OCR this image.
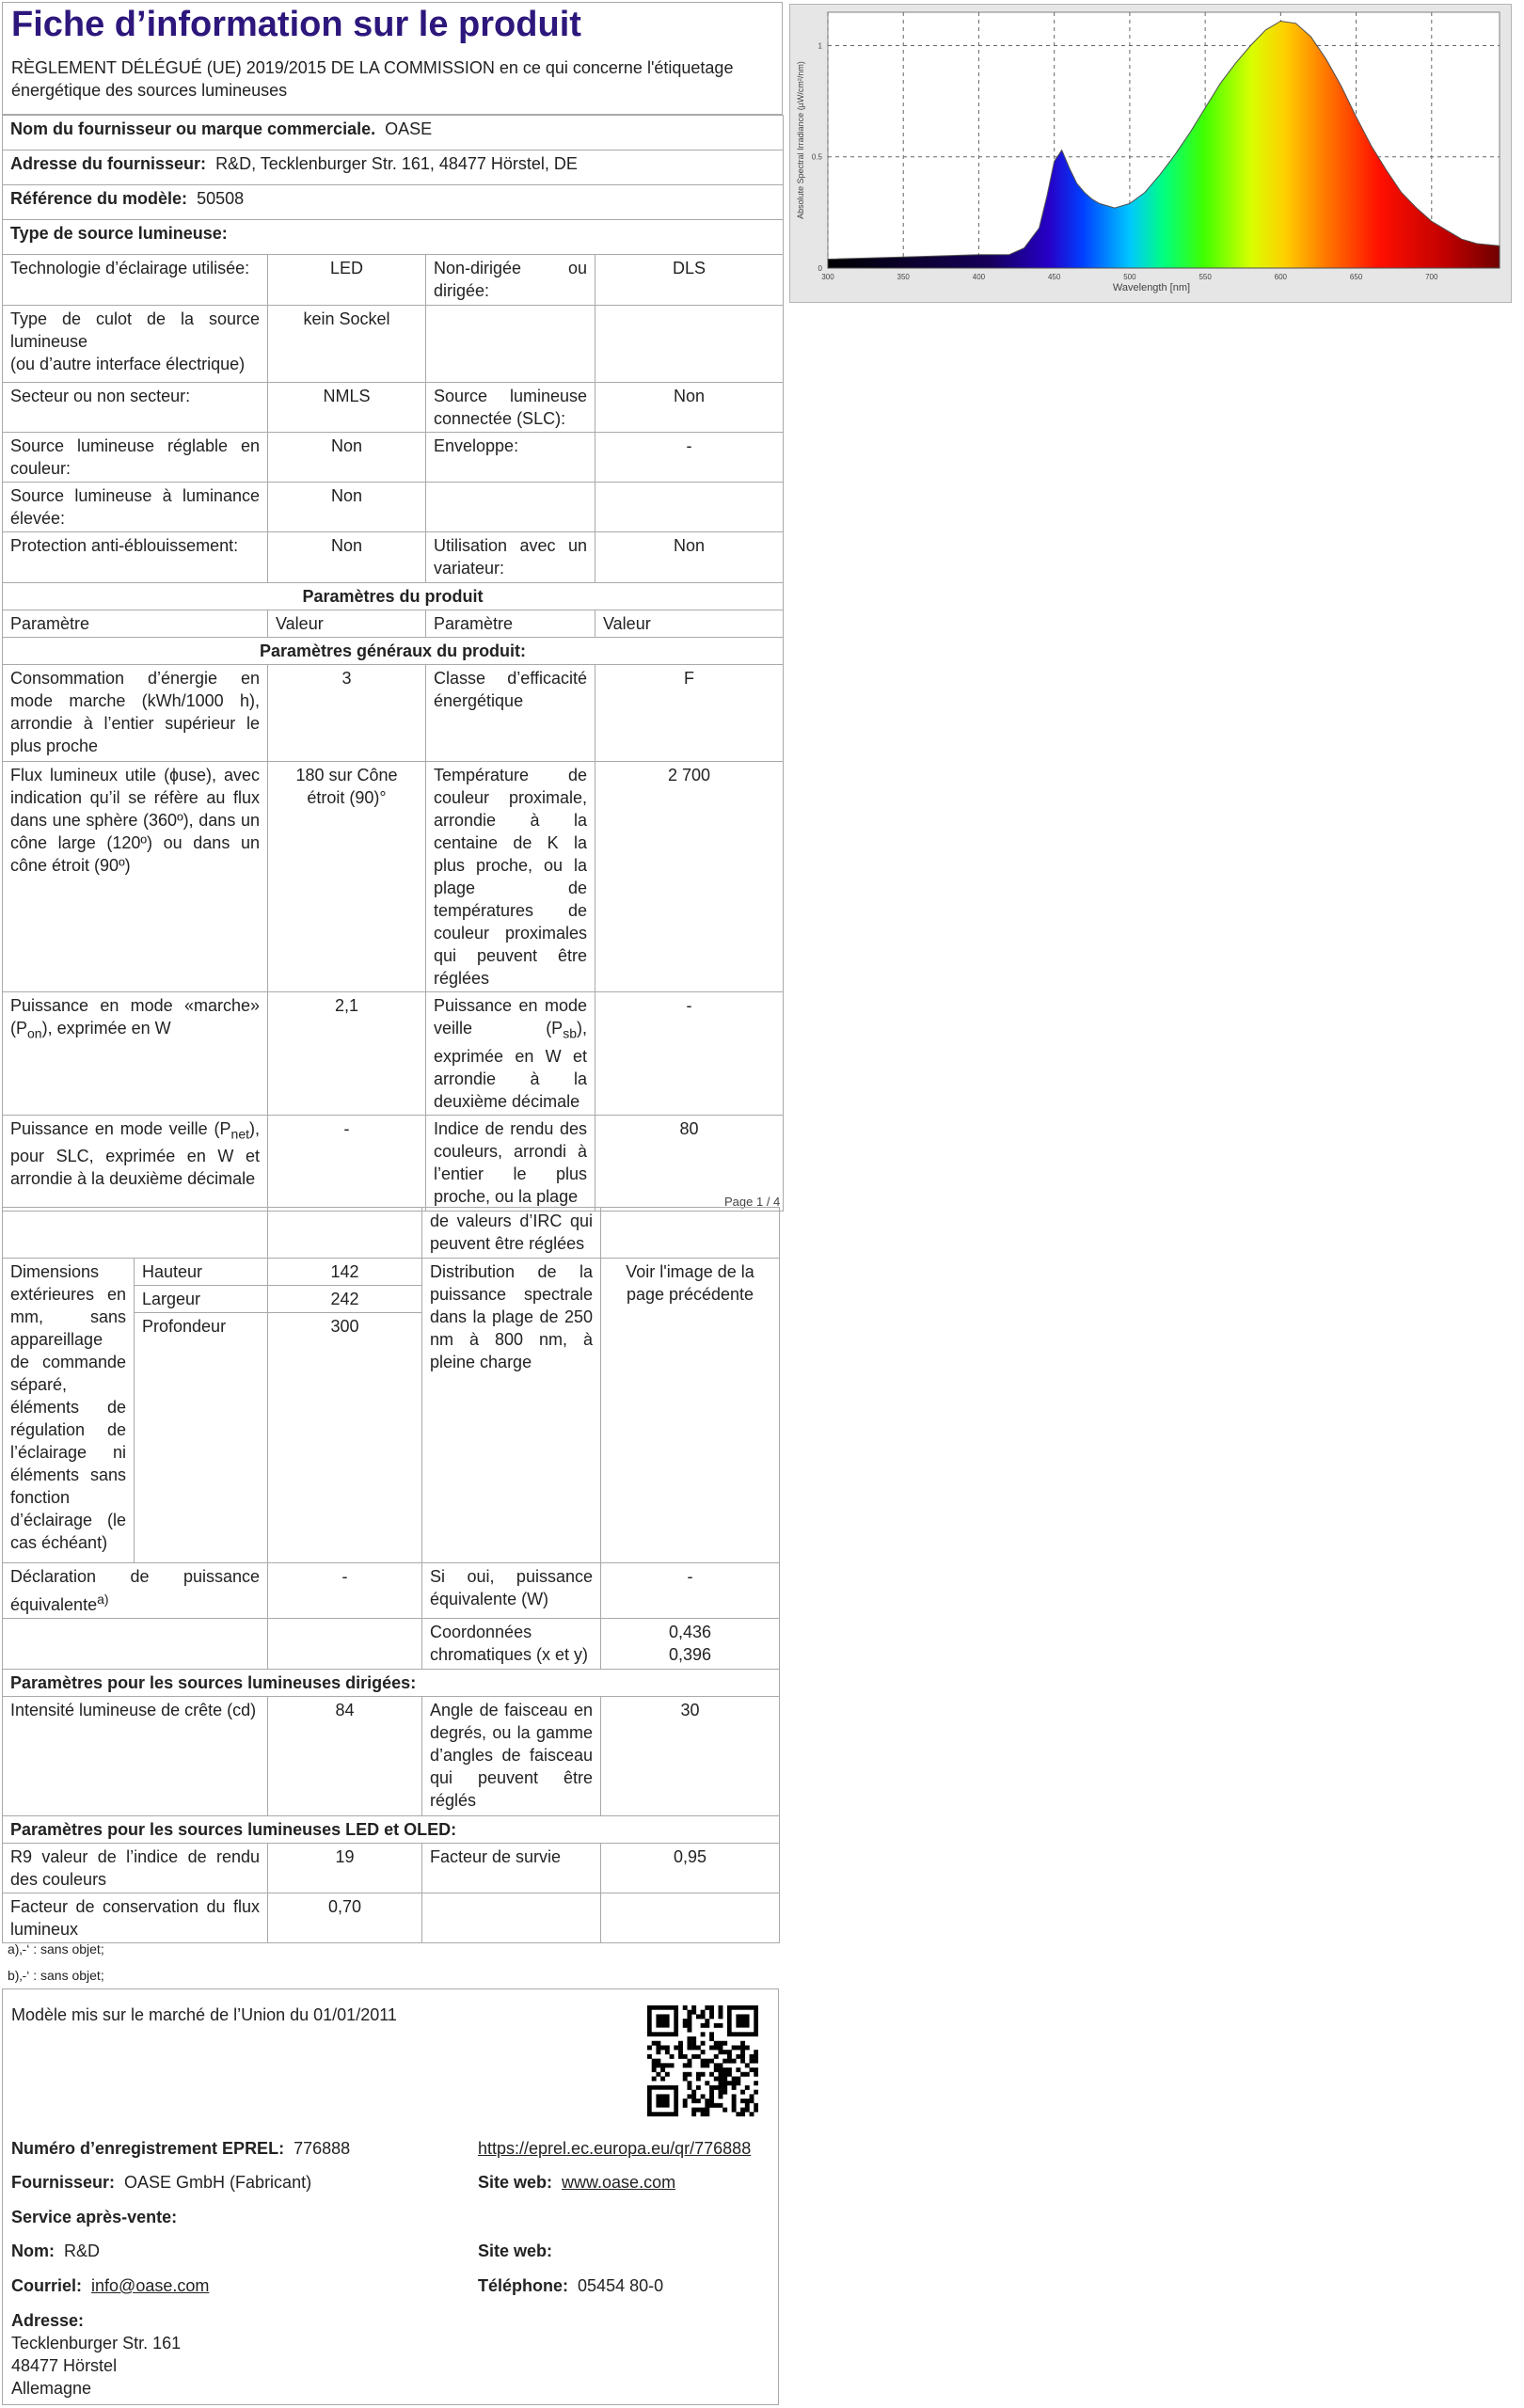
Fiche d’information sur le produit
RÈGLEMENT DÉLÉGUÉ (UE) 2019/2015 DE LA COMMISSION en ce qui concerne l'étiquetage énergétique des sources lumineuses
300	350	400	450	500	550	600	650	700
0
0.5
1
Wavelength [nm]
Absolute Spectral Irradiance (µW/cm²/nm)
Nom du fournisseur ou marque commerciale. OASE			
Adresse du fournisseur: R&D, Tecklenburger Str. 161, 48477 Hörstel, DE			
Référence du modèle: 50508			
Type de source lumineuse:			
Technologie d’éclairage utilisée:	LED	Non-dirigée ou dirigée:	DLS
Type de culot de la source lumineuse
(ou d’autre interface électrique)	kein Sockel		
Secteur ou non secteur:	NMLS	Source lumineuse connectée (SLC):	Non
Source lumineuse réglable en couleur:	Non	Enveloppe:	-
Source lumineuse à luminance élevée:	Non		
Protection anti-éblouissement:	Non	Utilisation avec un variateur:	Non
Paramètres du produit			
Paramètre	Valeur	Paramètre	Valeur
Paramètres généraux du produit:			
Consommation d’énergie en mode marche (kWh/1000 h), arrondie à l’entier supérieur le plus proche	3	Classe d’efficacité énergétique	F
Flux lumineux utile (ɸuse), avec indication qu’il se réfère au flux dans une sphère (360º), dans un cône large (120º) ou dans un cône étroit (90º)	180 sur Cône étroit (90)°	Température de couleur proximale, arrondie à la centaine de K la plus proche, ou la plage de températures de couleur proximales qui peuvent être réglées	2 700
Puissance en mode «marche» $(P_{on})$, exprimée en W	2,1	Puissance en mode veille $(P_{sb})$, exprimée en W et arrondie à la deuxième décimale	-
Puissance en mode veille $(P_{net})$, pour SLC, exprimée en W et arrondie à la deuxième décimale	-	Indice de rendu des couleurs, arrondi à l’entier le plus proche, ou la plage	80
Page 1 / 4
			de valeurs d’IRC qui peuvent être réglées	
Dimensions extérieures en mm, sans appareillage de commande séparé, éléments de régulation de l’éclairage ni éléments sans fonction d’éclairage (le cas échéant)	Hauteur	142	Distribution de la puissance spectrale dans la plage de 250 nm à 800 nm, à pleine charge	Voir l'image de la page précédente
	Largeur	242		
	Profondeur	300		
Déclaration de puissance équivalente$^{a)}$		-	Si oui, puissance équivalente (W)	-
			Coordonnées chromatiques (x et y)	0,436
0,396
Paramètres pour les sources lumineuses dirigées:				
Intensité lumineuse de crête (cd)		84	Angle de faisceau en degrés, ou la gamme d’angles de faisceau qui peuvent être réglés	30
Paramètres pour les sources lumineuses LED et OLED:				
R9 valeur de l’indice de rendu des couleurs		19	Facteur de survie	0,95
Facteur de conservation du flux lumineux		0,70		
a)‚-‘ : sans objet;
b)‚-‘ : sans objet;
Modèle mis sur le marché de l’Union du 01/01/2011
Numéro d’enregistrement EPREL: 776888	https://eprel.ec.europa.eu/qr/776888
Fournisseur: OASE GmbH (Fabricant)	Site web: www.oase.com
Service après-vente:
Nom: R&D	Site web:
Courriel: info@oase.com	Téléphone: 05454 80-0
Adresse:
Tecklenburger Str. 161
48477 Hörstel
Allemagne
